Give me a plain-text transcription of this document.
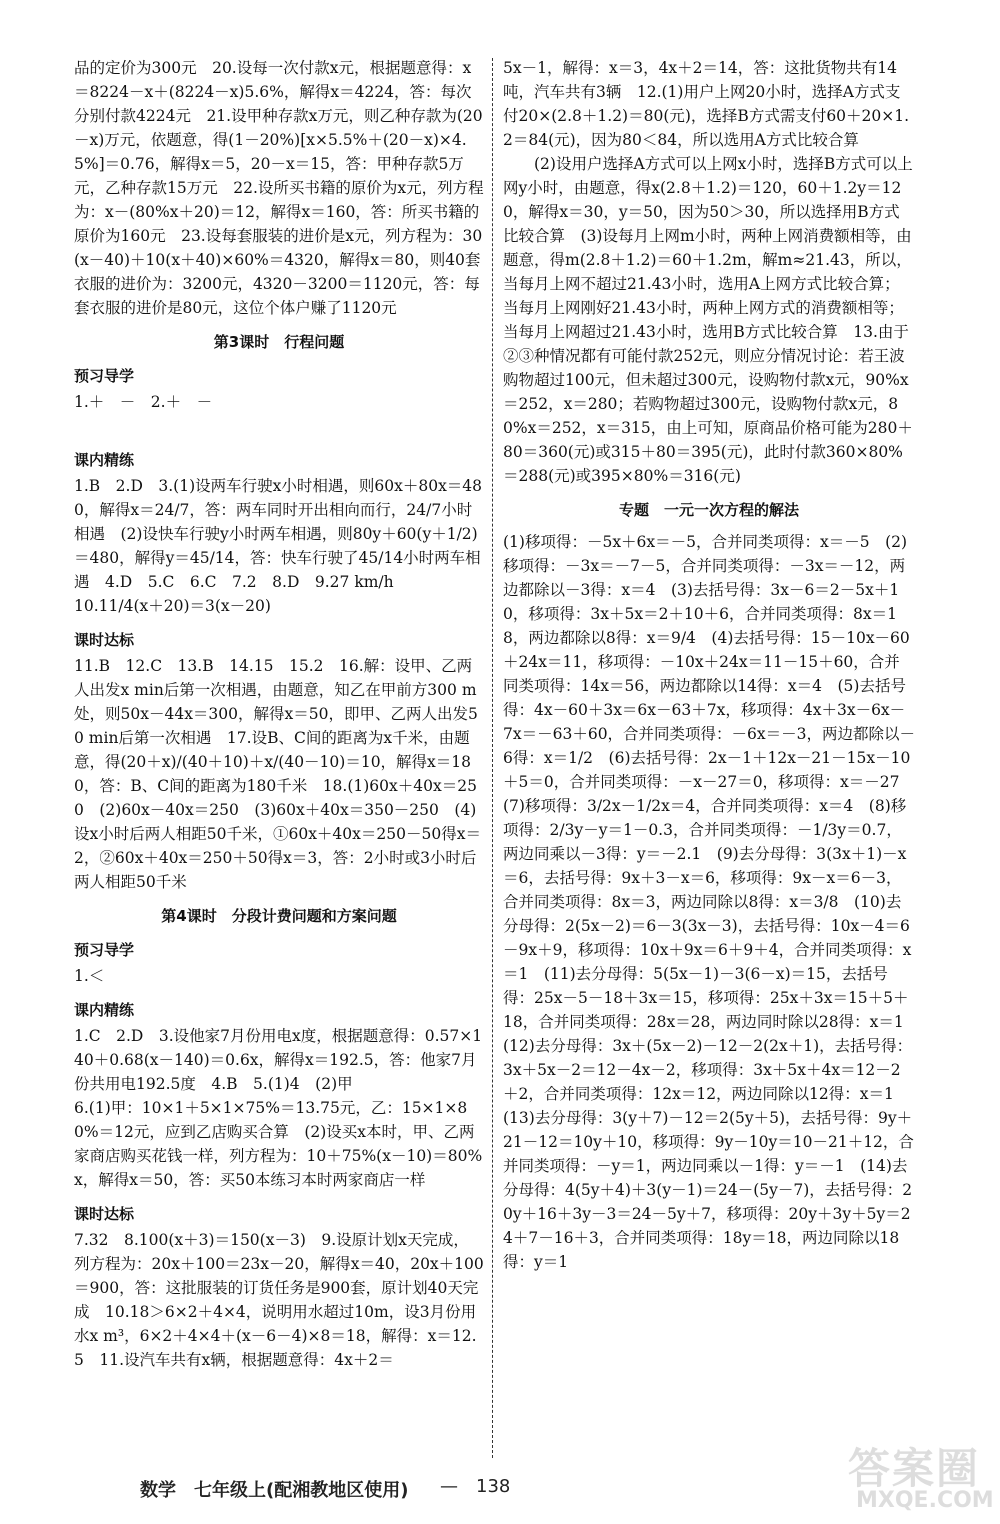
品的定价为300元　20.设每一次付款x元，根据题意得：x＝8224－x＋(8224－x)5.6%，解得x＝4224，答：每次分别付款4224元　21.设甲种存款x万元，则乙种存款为(20－x)万元，依题意，得(1－20%)[x×5.5%＋(20－x)×4.5%]＝0.76，解得x＝5，20－x＝15，答：甲种存款5万元，乙种存款15万元　22.设所买书籍的原价为x元，列方程为：x－(80%x＋20)＝12，解得x＝160，答：所买书籍的原价为160元　23.设每套服装的进价是x元，列方程为：30(x－40)＋10(x＋40)×60%＝4320，解得x＝80，则40套衣服的进价为：3200元，4320－3200＝1120元，答：每套衣服的进价是80元，这位个体户赚了1120元

第3课时　行程问题
预习导学

1.＋　－　2.＋　－

课内精练

1.B　2.D　3.(1)设两车行驶x小时相遇，则60x＋80x＝480，解得x＝24/7，答：两车同时开出相向而行，24/7小时相遇　(2)设快车行驶y小时两车相遇，则80y＋60(y＋1/2)＝480，解得y＝45/14，答：快车行驶了45/14小时两车相遇　4.D　5.C　6.C　7.2　8.D　9.27 km/h

10.11/4(x＋20)＝3(x－20)

课时达标

11.B　12.C　13.B　14.15　15.2　16.解：设甲、乙两人出发x min后第一次相遇，由题意，知乙在甲前方300 m处，则50x－44x＝300，解得x＝50，即甲、乙两人出发50 min后第一次相遇　17.设B、C间的距离为x千米，由题意，得(20＋x)/(40＋10)＋x/(40－10)＝10，解得x＝180，答：B、C间的距离为180千米　18.(1)60x＋40x＝250　(2)60x－40x＝250　(3)60x＋40x＝350－250　(4)设x小时后两人相距50千米，①60x＋40x＝250－50得x＝2，②60x＋40x＝250＋50得x＝3，答：2小时或3小时后两人相距50千米

第4课时　分段计费问题和方案问题
预习导学

1.＜

课内精练

1.C　2.D　3.设他家7月份用电x度，根据题意得：0.57×140＋0.68(x－140)＝0.6x，解得x＝192.5，答：他家7月份共用电192.5度　4.B　5.(1)4　(2)甲

6.(1)甲：10×1＋5×1×75%＝13.75元，乙：15×1×80%＝12元，应到乙店购买合算　(2)设买x本时，甲、乙两家商店购买花钱一样，列方程为：10＋75%(x－10)＝80%x，解得x＝50，答：买50本练习本时两家商店一样

课时达标

7.32　8.100(x＋3)＝150(x－3)　9.设原计划x天完成，列方程为：20x＋100＝23x－20，解得x＝40，20x＋100＝900，答：这批服装的订货任务是900套，原计划40天完成　10.18＞6×2＋4×4，说明用水超过10m，设3月份用水x m³，6×2＋4×4＋(x－6－4)×8＝18，解得：x＝12.5　11.设汽车共有x辆，根据题意得：4x＋2＝

5x－1，解得：x＝3，4x＋2＝14，答：这批货物共有14吨，汽车共有3辆　12.(1)用户上网20小时，选择A方式支付20×(2.8＋1.2)＝80(元)，选择B方式需支付60＋20×1.2＝84(元)，因为80＜84，所以选用A方式比较合算

(2)设用户选择A方式可以上网x小时，选择B方式可以上网y小时，由题意，得x(2.8＋1.2)＝120，60＋1.2y＝120，解得x＝30，y＝50，因为50＞30，所以选择用B方式比较合算　(3)设每月上网m小时，两种上网消费额相等，由题意，得m(2.8＋1.2)＝60＋1.2m，解m≈21.43，所以，当每月上网不超过21.43小时，选用A上网方式比较合算；当每月上网刚好21.43小时，两种上网方式的消费额相等；当每月上网超过21.43小时，选用B方式比较合算　13.由于②③种情况都有可能付款252元，则应分情况讨论：若王波购物超过100元，但未超过300元，设购物付款x元，90%x＝252，x＝280；若购物超过300元，设购物付款x元，80%x＝252，x＝315，由上可知，原商品价格可能为280＋80＝360(元)或315＋80＝395(元)，此时付款360×80%＝288(元)或395×80%＝316(元)

专题　一元一次方程的解法

(1)移项得：－5x＋6x＝－5，合并同类项得：x＝－5　(2)移项得：－3x＝－7－5，合并同类项得：－3x＝－12，两边都除以－3得：x＝4　(3)去括号得：3x－6＝2－5x＋10，移项得：3x＋5x＝2＋10＋6，合并同类项得：8x＝18，两边都除以8得：x＝9/4　(4)去括号得：15－10x－60＋24x＝11，移项得：－10x＋24x＝11－15＋60，合并同类项得：14x＝56，两边都除以14得：x＝4　(5)去括号得：4x－60＋3x＝6x－63＋7x，移项得：4x＋3x－6x－7x＝－63＋60，合并同类项得：－6x＝－3，两边都除以－6得：x＝1/2　(6)去括号得：2x－1＋12x－21－15x－10＋5＝0，合并同类项得：－x－27＝0，移项得：x＝－27　(7)移项得：3/2x－1/2x＝4，合并同类项得：x＝4　(8)移项得：2/3y－y＝1－0.3，合并同类项得：－1/3y＝0.7，两边同乘以－3得：y＝－2.1　(9)去分母得：3(3x＋1)－x＝6，去括号得：9x＋3－x＝6，移项得：9x－x＝6－3，合并同类项得：8x＝3，两边同除以8得：x＝3/8　(10)去分母得：2(5x－2)＝6－3(3x－3)，去括号得：10x－4＝6－9x＋9，移项得：10x＋9x＝6＋9＋4，合并同类项得：x＝1　(11)去分母得：5(5x－1)－3(6－x)＝15，去括号得：25x－5－18＋3x＝15，移项得：25x＋3x＝15＋5＋18，合并同类项得：28x＝28，两边同时除以28得：x＝1　(12)去分母得：3x＋(5x－2)－12－2(2x＋1)，去括号得：3x＋5x－2＝12－4x－2，移项得：3x＋5x＋4x＝12－2＋2，合并同类项得：12x＝12，两边同除以12得：x＝1　(13)去分母得：3(y＋7)－12＝2(5y＋5)，去括号得：9y＋21－12＝10y＋10，移项得：9y－10y＝10－21＋12，合并同类项得：－y＝1，两边同乘以－1得：y＝－1　(14)去分母得：4(5y＋4)＋3(y－1)＝24－(5y－7)，去括号得：20y＋16＋3y－3＝24－5y＋7，移项得：20y＋3y＋5y＝24＋7－16＋3，合并同类项得：18y＝18，两边同除以18得：y＝1

数学　七年级上(配湘教地区使用) — 138	答案圈
MXQE.COM
